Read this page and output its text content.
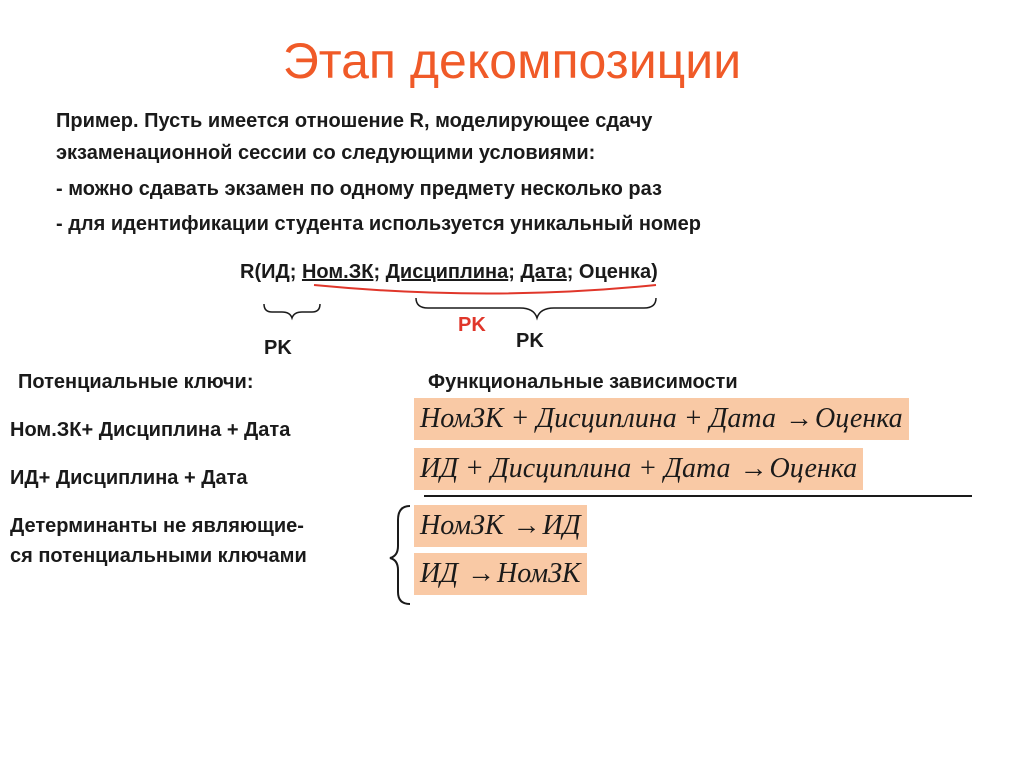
Этап декомпозиции
Пример. Пусть имеется отношение R, моделирующее сдачу
экзаменационной сессии со следующими условиями:
- можно сдавать экзамен по одному предмету несколько раз
- для идентификации студента используется уникальный номер
R(ИД; Ном.ЗК; Дисциплина; Дата; Оценка)
PK
PK	PK
Потенциальные ключи:
Ном.ЗК+ Дисциплина + Дата
ИД+ Дисциплина + Дата
Детерминанты не являющие-
ся потенциальными ключами
Функциональные зависимости
НомЗК + Дисциплина + Дата →Оценка
ИД + Дисциплина + Дата →Оценка
НомЗК →ИД
ИД →НомЗК
